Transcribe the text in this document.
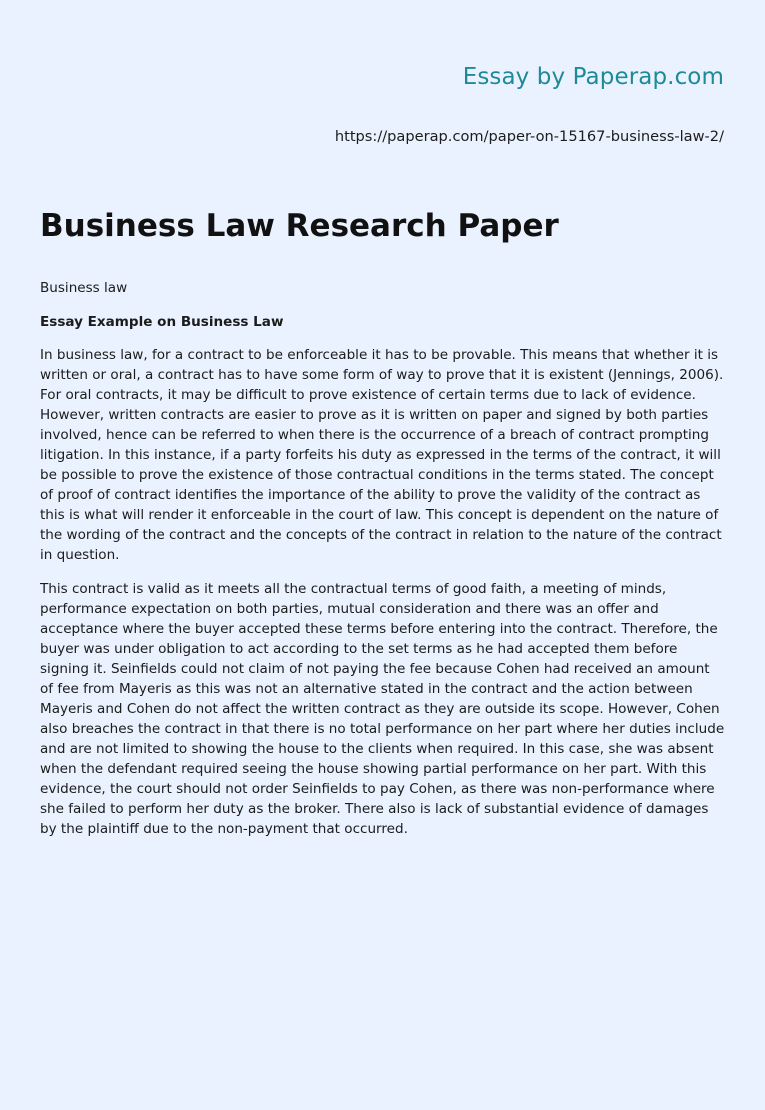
Essay by Paperap.com
https://paperap.com/paper-on-15167-business-law-2/
Business Law Research Paper
Business law
Essay Example on Business Law

In business law, for a contract to be enforceable it has to be provable. This means that whether it is written or oral, a contract has to have some form of way to prove that it is existent (Jennings, 2006). For oral contracts, it may be difficult to prove existence of certain terms due to lack of evidence. However, written contracts are easier to prove as it is written on paper and signed by both parties involved, hence can be referred to when there is the occurrence of a breach of contract prompting litigation. In this instance, if a party forfeits his duty as expressed in the terms of the contract, it will be possible to prove the existence of those contractual conditions in the terms stated. The concept of proof of contract identifies the importance of the ability to prove the validity of the contract as this is what will render it enforceable in the court of law. This concept is dependent on the nature of the wording of the contract and the concepts of the contract in relation to the nature of the contract in question.

This contract is valid as it meets all the contractual terms of good faith, a meeting of minds, performance expectation on both parties, mutual consideration and there was an offer and acceptance where the buyer accepted these terms before entering into the contract. Therefore, the buyer was under obligation to act according to the set terms as he had accepted them before signing it. Seinfields could not claim of not paying the fee because Cohen had received an amount of fee from Mayeris as this was not an alternative stated in the contract and the action between Mayeris and Cohen do not affect the written contract as they are outside its scope. However, Cohen also breaches the contract in that there is no total performance on her part where her duties include and are not limited to showing the house to the clients when required. In this case, she was absent when the defendant required seeing the house showing partial performance on her part. With this evidence, the court should not order Seinfields to pay Cohen, as there was non-performance where she failed to perform her duty as the broker. There also is lack of substantial evidence of damages by the plaintiff due to the non-payment that occurred.
